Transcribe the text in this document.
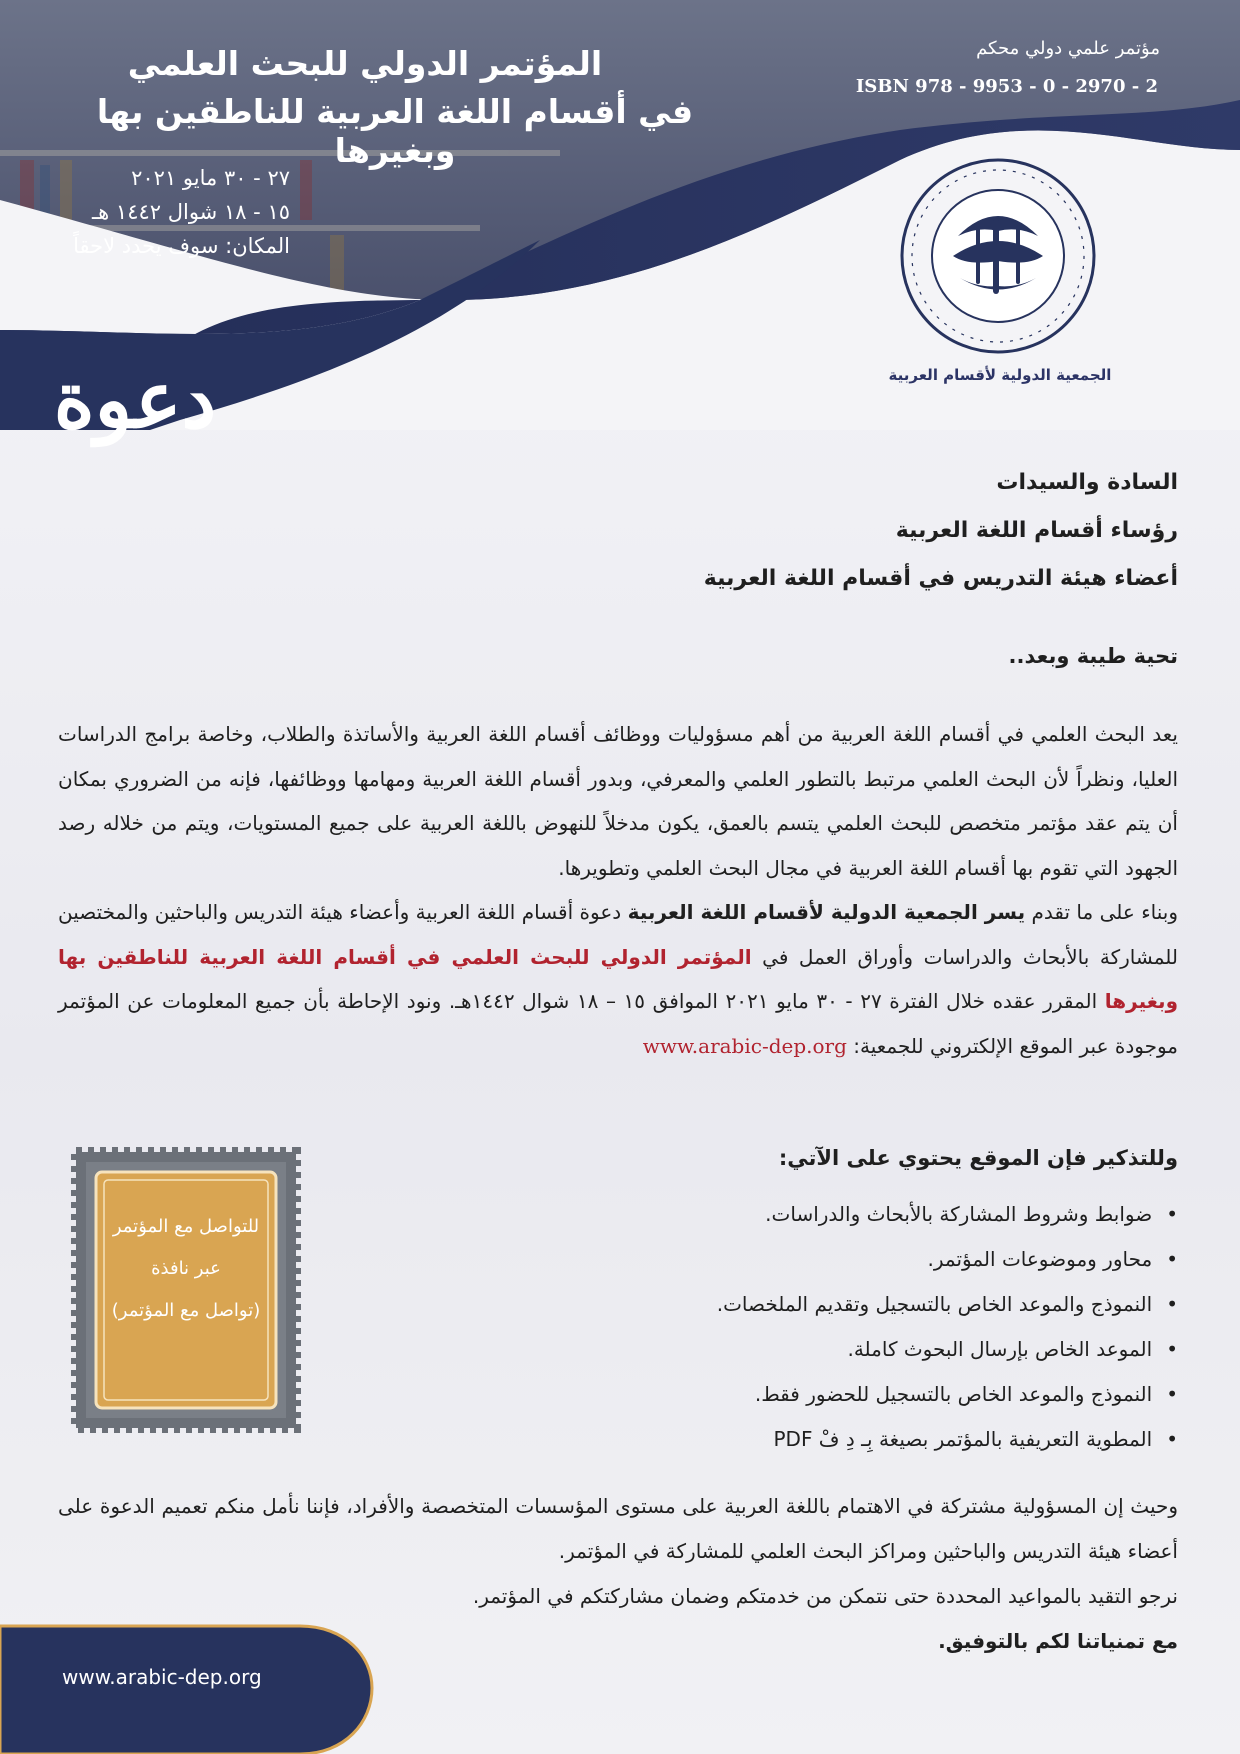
المؤتمر الدولي للبحث العلمي
في أقسام اللغة العربية للناطقين بها وبغيرها
٢٧ - ٣٠ مايو ٢٠٢١
١٥ - ١٨ شوال ١٤٤٢ هـ
المكان: سوف يحدد لاحقاً
مؤتمر علمي دولي محكم
ISBN 978 - 9953 - 0 - 2970 - 2
دعوة	الجمعية الدولية لأقسام العربية
السادة والسيدات
رؤساء أقسام اللغة العربية
أعضاء هيئة التدريس في أقسام اللغة العربية
تحية طيبة وبعد..

يعد البحث العلمي في أقسام اللغة العربية من أهم مسؤوليات ووظائف أقسام اللغة العربية والأساتذة والطلاب، وخاصة برامج الدراسات العليا، ونظراً لأن البحث العلمي مرتبط بالتطور العلمي والمعرفي، وبدور أقسام اللغة العربية ومهامها ووظائفها، فإنه من الضروري بمكان أن يتم عقد مؤتمر متخصص للبحث العلمي يتسم بالعمق، يكون مدخلاً للنهوض باللغة العربية على جميع المستويات، ويتم من خلاله رصد الجهود التي تقوم بها أقسام اللغة العربية في مجال البحث العلمي وتطويرها.

وبناء على ما تقدم يسر الجمعية الدولية لأقسام اللغة العربية دعوة أقسام اللغة العربية وأعضاء هيئة التدريس والباحثين والمختصين للمشاركة بالأبحاث والدراسات وأوراق العمل في المؤتمر الدولي للبحث العلمي في أقسام اللغة العربية للناطقين بها وبغيرها المقرر عقده خلال الفترة ٢٧ - ٣٠ مايو ٢٠٢١ الموافق ١٥ – ١٨ شوال ١٤٤٢هـ. ونود الإحاطة بأن جميع المعلومات عن المؤتمر موجودة عبر الموقع الإلكتروني للجمعية: www.arabic-dep.org

وللتذكير فإن الموقع يحتوي على الآتي:
• ضوابط وشروط المشاركة بالأبحاث والدراسات.
• محاور وموضوعات المؤتمر.
• النموذج والموعد الخاص بالتسجيل وتقديم الملخصات.
• الموعد الخاص بإرسال البحوث كاملة.
• النموذج والموعد الخاص بالتسجيل للحضور فقط.
• المطوية التعريفية بالمؤتمر بصيغة بِـ دِ فْ PDF
للتواصل مع المؤتمر
عبر نافذة
(تواصل مع المؤتمر)

وحيث إن المسؤولية مشتركة في الاهتمام باللغة العربية على مستوى المؤسسات المتخصصة والأفراد، فإننا نأمل منكم تعميم الدعوة على أعضاء هيئة التدريس والباحثين ومراكز البحث العلمي للمشاركة في المؤتمر.

نرجو التقيد بالمواعيد المحددة حتى نتمكن من خدمتكم وضمان مشاركتكم في المؤتمر.

مع تمنياتنا لكم بالتوفيق.

www.arabic-dep.org
